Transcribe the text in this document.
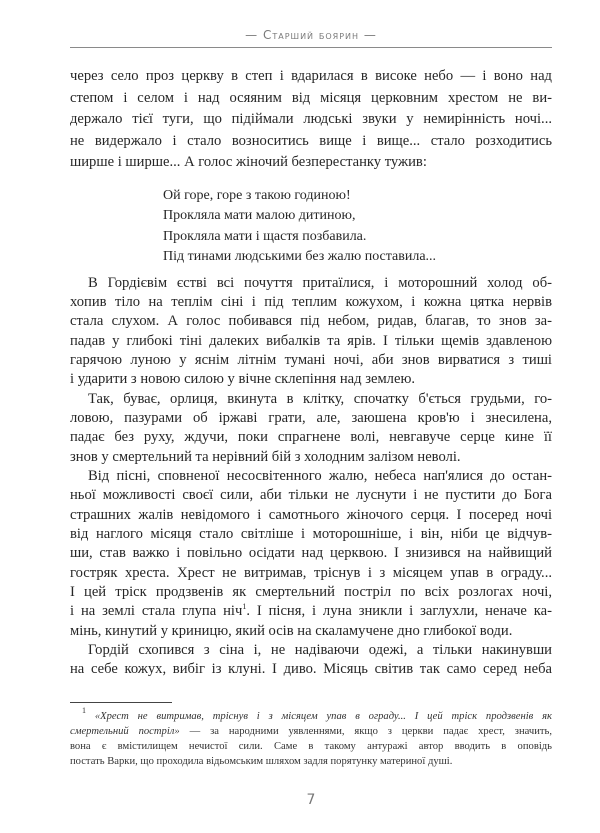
— Старший боярин —
через село проз церкву в степ і вдарилася в високе небо — і воно над
степом і селом і над осяяним від місяця церковним хрестом не ви-
держало тієї туги, що підіймали людські звуки у немирінність ночі...
не видержало і стало возноситись вище і вище... стало розходитись
ширше і ширше... А голос жіночий безперестанку тужив:
Ой горе, горе з такою годиною!
Прокляла мати малою дитиною,
Прокляла мати і щастя позбавила.
Під тинами людськими без жалю поставила...
В Гордієвім єстві всі почуття притаїлися, і моторошний холод об-
хопив тіло на теплім сіні і під теплим кожухом, і кожна цятка нервів
стала слухом. А голос побивався під небом, ридав, благав, то знов за-
падав у глибокі тіні далеких вибалків та ярів. І тільки щемів здавленою
гарячою луною у яснім літнім тумані ночі, аби знов вирватися з тиші
і ударити з новою силою у вічне склепіння над землею.
Так, буває, орлиця, вкинута в клітку, спочатку б'ється грудьми, го-
ловою, пазурами об іржаві грати, але, заюшена кров'ю і знесилена,
падає без руху, ждучи, поки спрагнене волі, невгавуче серце кине її
знов у смертельний та нерівний бій з холодним залізом неволі.
Від пісні, сповненої несосвітенного жалю, небеса нап'ялися до остан-
ньої можливості своєї сили, аби тільки не луснути і не пустити до Бога
страшних жалів невідомого і самотнього жіночого серця. І посеред ночі
від наглого місяця стало світліше і моторошніше, і він, ніби це відчув-
ши, став важко і повільно осідати над церквою. І знизився на найвищий
гостряк хреста. Хрест не витримав, тріснув і з місяцем упав в ограду...
І цей тріск продзвенів як смертельний постріл по всіх розлогах ночі,
і на землі стала глупа ніч$^1$. І пісня, і луна зникли і заглухли, неначе ка-
мінь, кинутий у криницю, який осів на скаламучене дно глибокої води.
Гордій схопився з сіна і, не надіваючи одежі, а тільки накинувши
на себе кожух, вибіг із клуні. І диво. Місяць світив так само серед неба
$^1$ «Хрест не витримав, тріснув і з місяцем упав в ограду... І цей тріск продзвенів як
смертельний постріл» — за народними уявленнями, якщо з церкви падає хрест, значить,
вона є вмістилищем нечистої сили. Саме в такому антуражі автор вводить в оповідь
постать Варки, що проходила відьомським шляхом задля порятунку материної душі.
7
